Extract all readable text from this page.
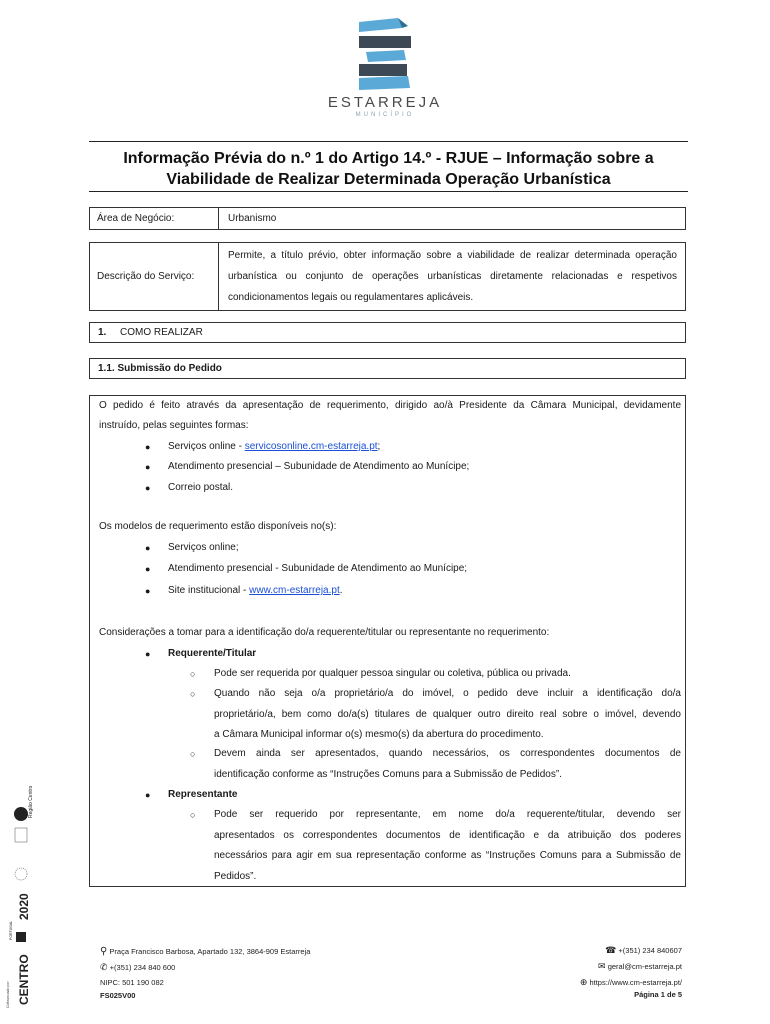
ESTARREJA
MUNICÍPIO
Informação Prévia do n.º 1 do Artigo 14.º - RJUE – Informação sobre a
Viabilidade de Realizar Determinada Operação Urbanística
Área de Negócio:	Urbanismo
Descrição do Serviço:
Permite, a título prévio, obter informação sobre a viabilidade de realizar determinada operação
urbanística ou conjunto de operações urbanísticas diretamente relacionadas e respetivos
condicionamentos legais ou regulamentares aplicáveis.
1.	COMO REALIZAR
1.1. Submissão do Pedido
O pedido é feito através da apresentação de requerimento, dirigido ao/à Presidente da Câmara Municipal, devidamente
instruído, pelas seguintes formas:
● Serviços online - servicosonline.cm-estarreja.pt;
● Atendimento presencial – Subunidade de Atendimento ao Munícipe;
● Correio postal.
Os modelos de requerimento estão disponíveis no(s):
● Serviços online;
● Atendimento presencial - Subunidade de Atendimento ao Munícipe;
● Site institucional - www.cm-estarreja.pt.
Considerações a tomar para a identificação do/a requerente/titular ou representante no requerimento:
● Requerente/Titular
○ Pode ser requerida por qualquer pessoa singular ou coletiva, pública ou privada.
○ Quando não seja o/a proprietário/a do imóvel, o pedido deve incluir a identificação do/a
proprietário/a, bem como do/a(s) titulares de qualquer outro direito real sobre o imóvel, devendo
a Câmara Municipal informar o(s) mesmo(s) da abertura do procedimento.
○ Devem ainda ser apresentados, quando necessários, os correspondentes documentos de
identificação conforme as “Instruções Comuns para a Submissão de Pedidos”.
● Representante
○ Pode ser requerido por representante, em nome do/a requerente/titular, devendo ser
apresentados os correspondentes documentos de identificação e da atribuição dos poderes
necessários para agir em sua representação conforme as “Instruções Comuns para a Submissão de
Pedidos”.
Região Centro
2020
PORTUGAL
CENTRO
Cofinanciado por:
⚲ Praça Francisco Barbosa, Apartado 132, 3864-909 Estarreja
✆ +(351) 234 840 600
NIPC: 501 190 082
FS025V00
☎ +(351) 234 840607
✉ geral@cm-estarreja.pt
⊕ https://www.cm-estarreja.pt/
Página 1 de 5
